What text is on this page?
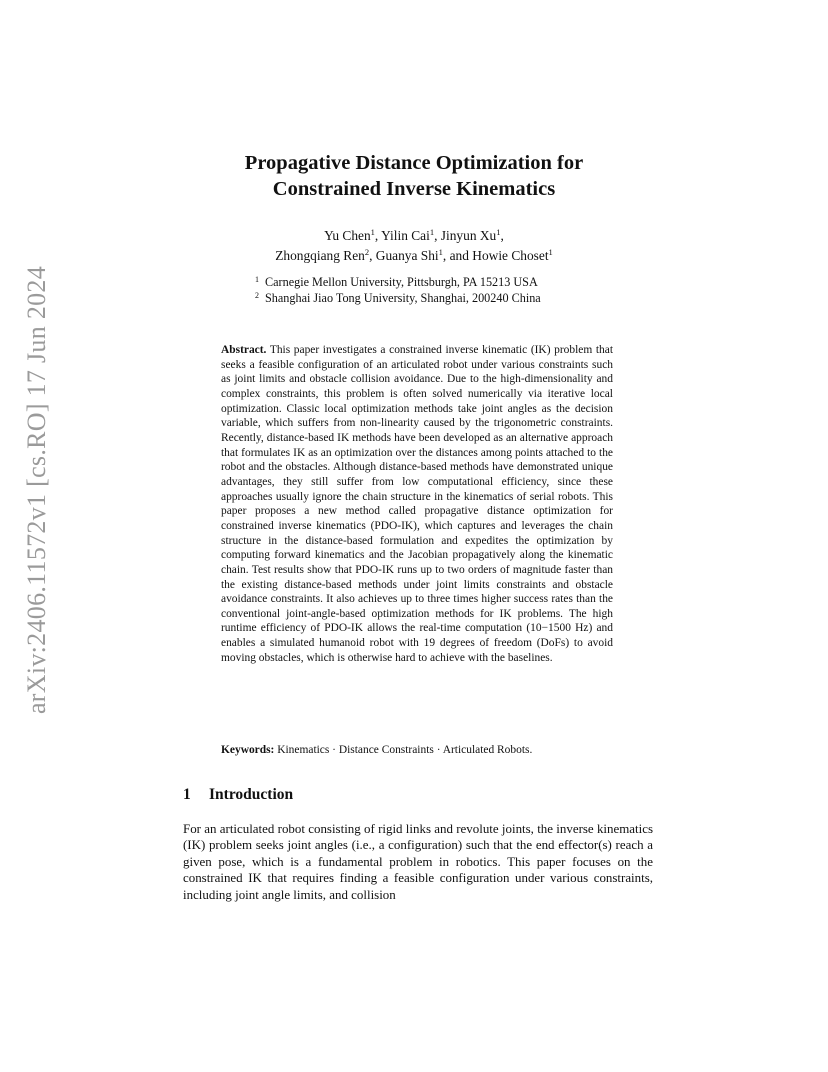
arXiv:2406.11572v1 [cs.RO] 17 Jun 2024
Propagative Distance Optimization for
Constrained Inverse Kinematics
Yu Chen$^1$, Yilin Cai$^1$, Jinyun Xu$^1$,
Zhongqiang Ren$^2$, Guanya Shi$^1$, and Howie Choset$^1$
$^1$ Carnegie Mellon University, Pittsburgh, PA 15213 USA
$^2$ Shanghai Jiao Tong University, Shanghai, 200240 China
Abstract. This paper investigates a constrained inverse kinematic (IK) problem that seeks a feasible configuration of an articulated robot under various constraints such as joint limits and obstacle collision avoidance. Due to the high-dimensionality and complex constraints, this problem is often solved numerically via iterative local optimization. Classic local optimization methods take joint angles as the decision variable, which suffers from non-linearity caused by the trigonometric constraints. Recently, distance-based IK methods have been developed as an alternative approach that formulates IK as an optimization over the distances among points attached to the robot and the obstacles. Although distance-based methods have demonstrated unique advantages, they still suffer from low computational efficiency, since these approaches usually ignore the chain structure in the kinematics of serial robots. This paper proposes a new method called propagative distance optimization for constrained inverse kinematics (PDO-IK), which captures and leverages the chain structure in the distance-based formulation and expedites the optimization by computing forward kinematics and the Jacobian propagatively along the kinematic chain. Test results show that PDO-IK runs up to two orders of magnitude faster than the existing distance-based methods under joint limits constraints and obstacle avoidance constraints. It also achieves up to three times higher success rates than the conventional joint-angle-based optimization methods for IK problems. The high runtime efficiency of PDO-IK allows the real-time computation (10−1500 Hz) and enables a simulated humanoid robot with 19 degrees of freedom (DoFs) to avoid moving obstacles, which is otherwise hard to achieve with the baselines.
Keywords: Kinematics · Distance Constraints · Articulated Robots.
1 Introduction
For an articulated robot consisting of rigid links and revolute joints, the inverse kinematics (IK) problem seeks joint angles (i.e., a configuration) such that the end effector(s) reach a given pose, which is a fundamental problem in robotics. This paper focuses on the constrained IK that requires finding a feasible configuration under various constraints, including joint angle limits, and collision
